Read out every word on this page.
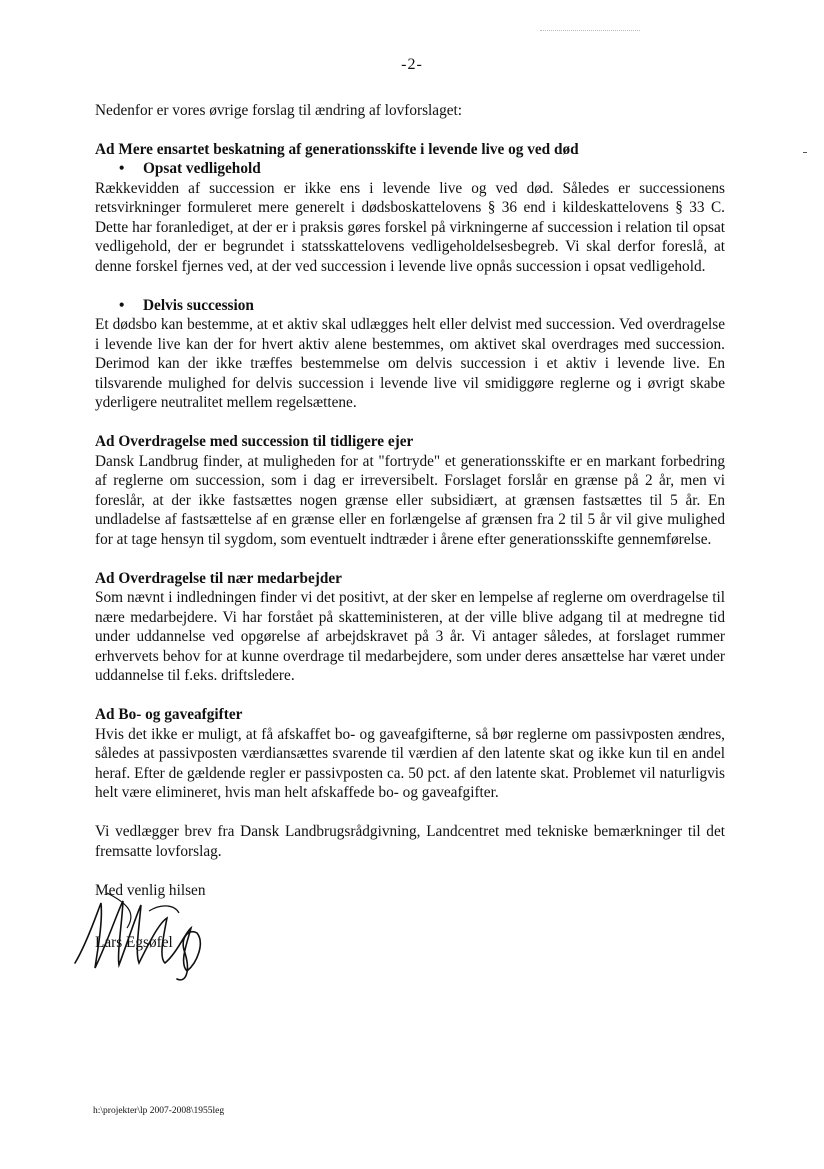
-2-

Nedenfor er vores øvrige forslag til ændring af lovforslaget:

Ad Mere ensartet beskatning af generationsskifte i levende live og ved død
• Opsat vedligehold

Rækkevidden af succession er ikke ens i levende live og ved død. Således er successionens retsvirkninger formuleret mere generelt i dødsboskattelovens § 36 end i kildeskattelovens § 33 C. Dette har foranlediget, at der er i praksis gøres forskel på virkningerne af succession i relation til opsat vedligehold, der er begrundet i statsskattelovens vedligeholdelsesbegreb. Vi skal derfor foreslå, at denne forskel fjernes ved, at der ved succession i levende live opnås succession i opsat vedligehold.

• Delvis succession

Et dødsbo kan bestemme, at et aktiv skal udlægges helt eller delvist med succession. Ved overdragelse i levende live kan der for hvert aktiv alene bestemmes, om aktivet skal overdrages med succession. Derimod kan der ikke træffes bestemmelse om delvis succession i et aktiv i levende live. En tilsvarende mulighed for delvis succession i levende live vil smidiggøre reglerne og i øvrigt skabe yderligere neutralitet mellem regelsættene.

Ad Overdragelse med succession til tidligere ejer

Dansk Landbrug finder, at muligheden for at "fortryde" et generationsskifte er en markant forbedring af reglerne om succession, som i dag er irreversibelt. Forslaget forslår en grænse på 2 år, men vi foreslår, at der ikke fastsættes nogen grænse eller subsidiært, at grænsen fastsættes til 5 år. En undladelse af fastsættelse af en grænse eller en forlængelse af grænsen fra 2 til 5 år vil give mulighed for at tage hensyn til sygdom, som eventuelt indtræder i årene efter generationsskifte gennemførelse.

Ad Overdragelse til nær medarbejder

Som nævnt i indledningen finder vi det positivt, at der sker en lempelse af reglerne om overdragelse til nære medarbejdere. Vi har forstået på skatteministeren, at der ville blive adgang til at medregne tid under uddannelse ved opgørelse af arbejdskravet på 3 år. Vi antager således, at forslaget rummer erhvervets behov for at kunne overdrage til medarbejdere, som under deres ansættelse har været under uddannelse til f.eks. driftsledere.

Ad Bo- og gaveafgifter

Hvis det ikke er muligt, at få afskaffet bo- og gaveafgifterne, så bør reglerne om passivposten ændres, således at passivposten værdiansættes svarende til værdien af den latente skat og ikke kun til en andel heraf. Efter de gældende regler er passivposten ca. 50 pct. af den latente skat. Problemet vil naturligvis helt være elimineret, hvis man helt afskaffede bo- og gaveafgifter.

Vi vedlægger brev fra Dansk Landbrugsrådgivning, Landcentret med tekniske bemærkninger til det fremsatte lovforslag.

Med venlig hilsen
Lars Egsøfel
h:\projekter\lp 2007-2008\1955leg
